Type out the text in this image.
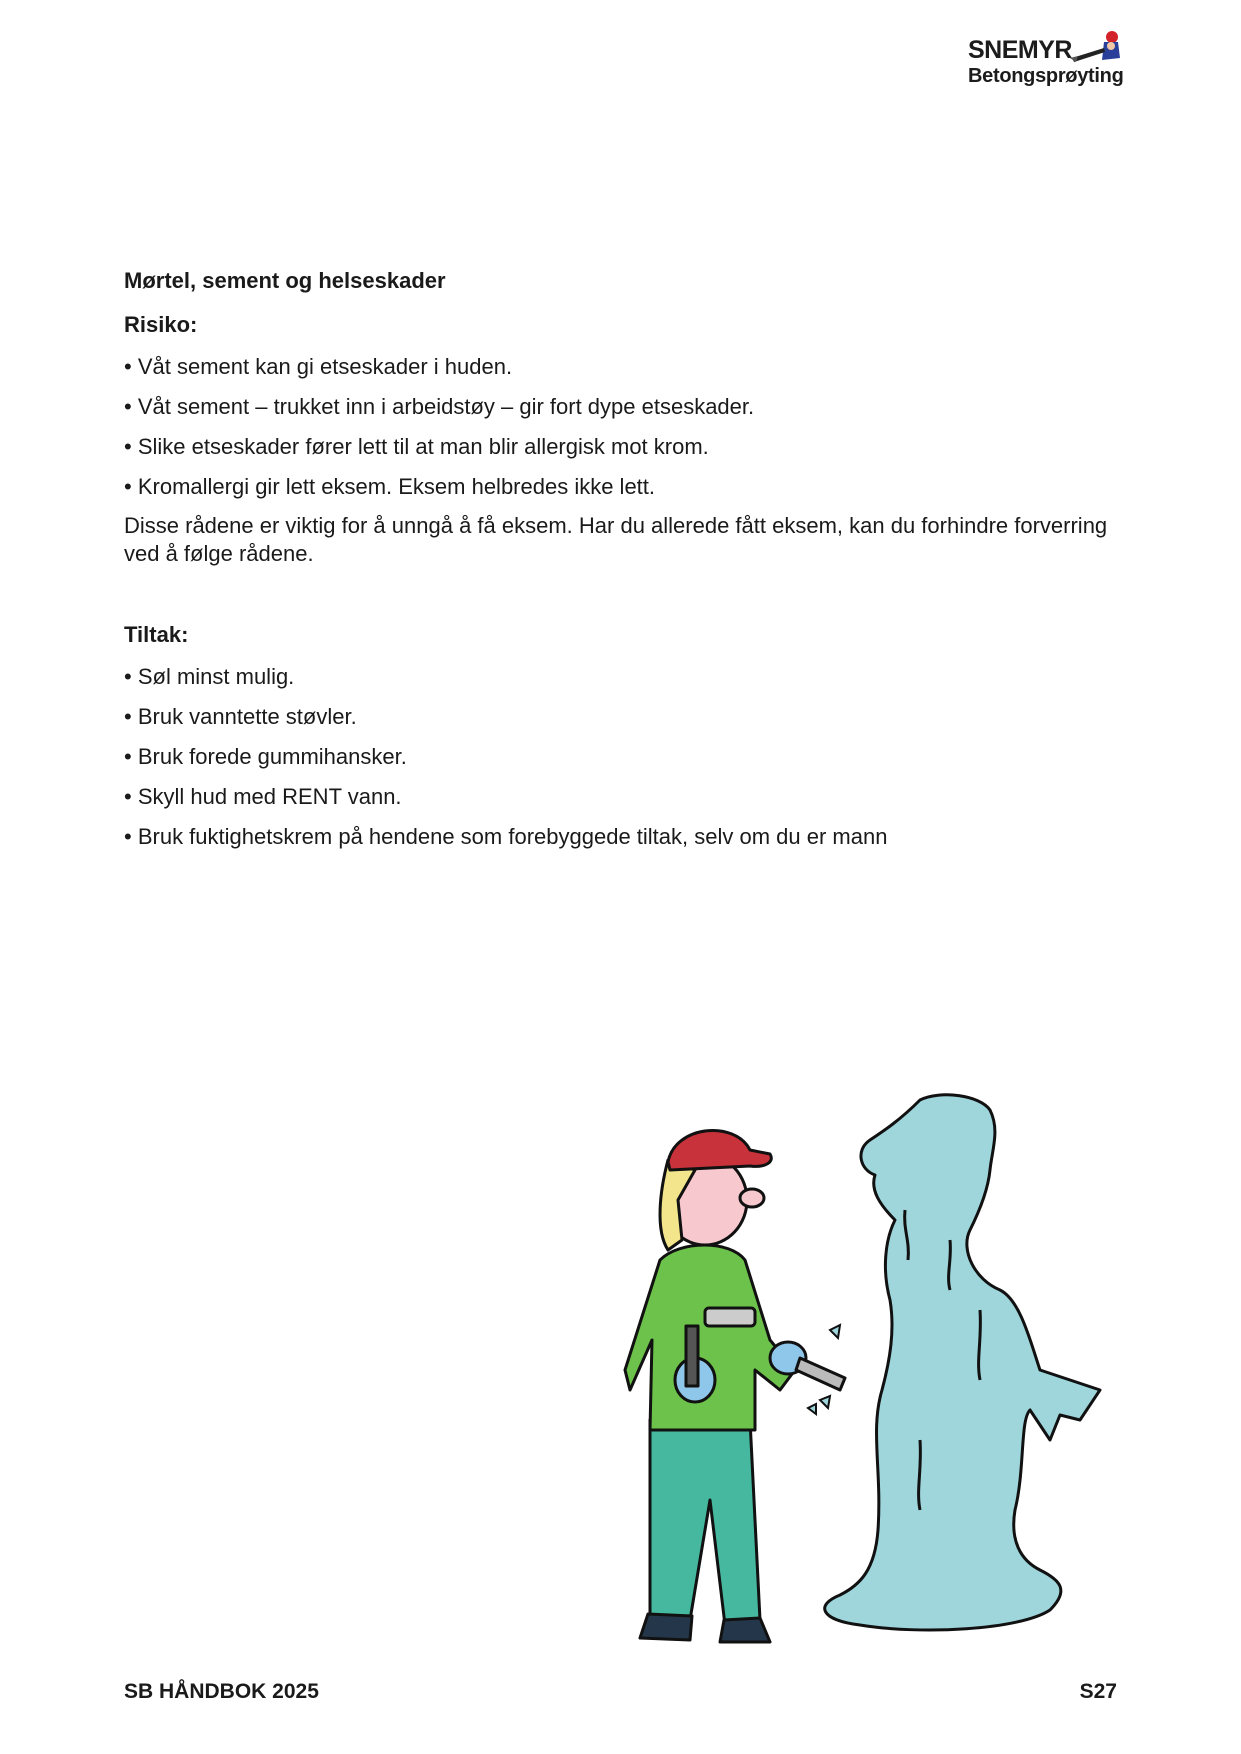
SNEMYR
Betongsprøyting
Mørtel, sement og helseskader
Risiko:
• Våt sement kan gi etseskader i huden.
• Våt sement – trukket inn i arbeidstøy – gir fort dype etseskader.
• Slike etseskader fører lett til at man blir allergisk mot krom.
• Kromallergi gir lett eksem. Eksem helbredes ikke lett.

Disse rådene er viktig for å unngå å få eksem. Har du allerede fått eksem, kan du forhindre forverring ved å følge rådene.

Tiltak:
• Søl minst mulig.
• Bruk vanntette støvler.
• Bruk forede gummihansker.
• Skyll hud med RENT vann.
• Bruk fuktighetskrem på hendene som forebyggede tiltak, selv om du er mann
SB HÅNDBOK 2025	S27
